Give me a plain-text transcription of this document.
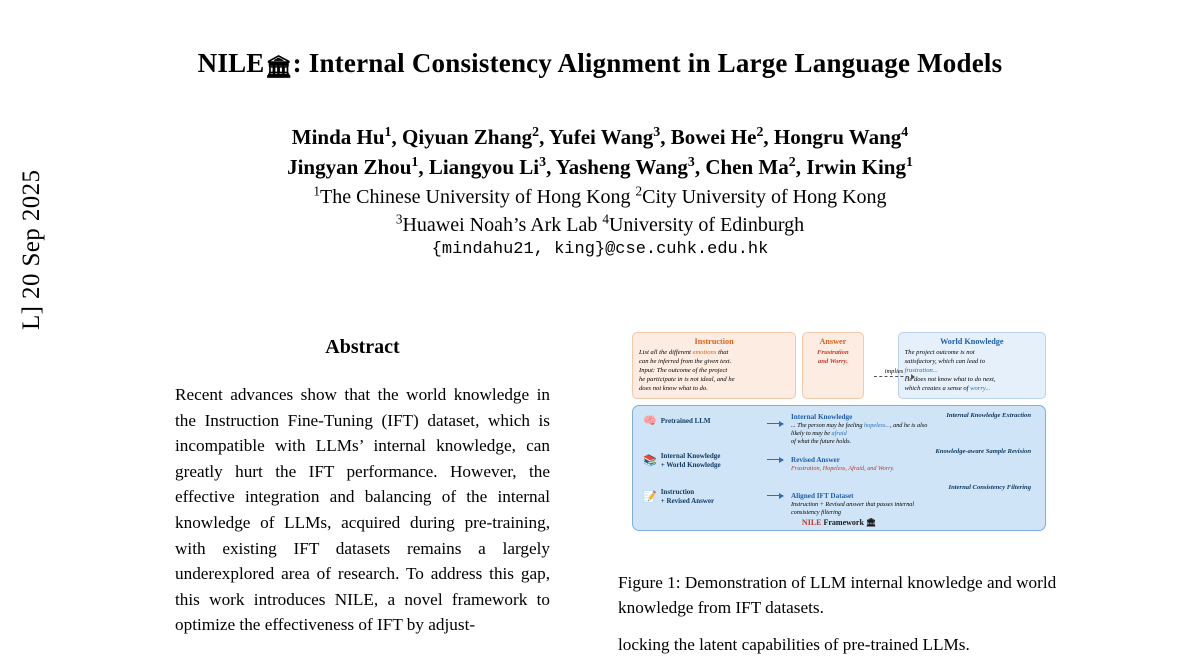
L] 20 Sep 2025
NILE🏛: Internal Consistency Alignment in Large Language Models
Minda Hu$^1$, Qiyuan Zhang$^2$, Yufei Wang$^3$, Bowei He$^2$, Hongru Wang$^4$
Jingyan Zhou$^1$, Liangyou Li$^3$, Yasheng Wang$^3$, Chen Ma$^2$, Irwin King$^1$
$^1$The Chinese University of Hong Kong $^2$City University of Hong Kong
$^3$Huawei Noah’s Ark Lab $^4$University of Edinburgh
{mindahu21, king}@cse.cuhk.edu.hk
Abstract
Recent advances show that the world knowledge in the Instruction Fine-Tuning (IFT) dataset, which is incompatible with LLMs’ internal knowledge, can greatly hurt the IFT performance. However, the effective integration and balancing of the internal knowledge of LLMs, acquired during pre-training, with existing IFT datasets remains a largely underexplored area of research. To address this gap, this work introduces NILE, a novel framework to optimize the effectiveness of IFT by adjust-
Instruction
List all the different emotions that
can be inferred from the given text.
Input: The outcome of the project
he participate in is not ideal, and he
does not know what to do.
Answer
Frustration
and Worry.
implies
World Knowledge
The project outcome is not
satisfactory, which can lead to
frustration...
He does not know what to do next,
which creates a sense of worry...
Internal Knowledge Extraction
🧠 Pretrained LLM	Internal Knowledge
... The person may be feeling hopeless..., and he is also likely to may be afraid
of what the future holds.
Knowledge-aware Sample Revision
📚 Internal Knowledge
+ World Knowledge
Revised Answer
Frustration, Hopeless, Afraid, and Worry.
Internal Consistency Filtering
📝 Instruction
+ Revised Answer
Aligned IFT Dataset
Instruction + Revised answer that passes internal consistency filtering
NILE Framework 🏛
Figure 1: Demonstration of LLM internal knowledge and world knowledge from IFT datasets.
locking the latent capabilities of pre-trained LLMs.
